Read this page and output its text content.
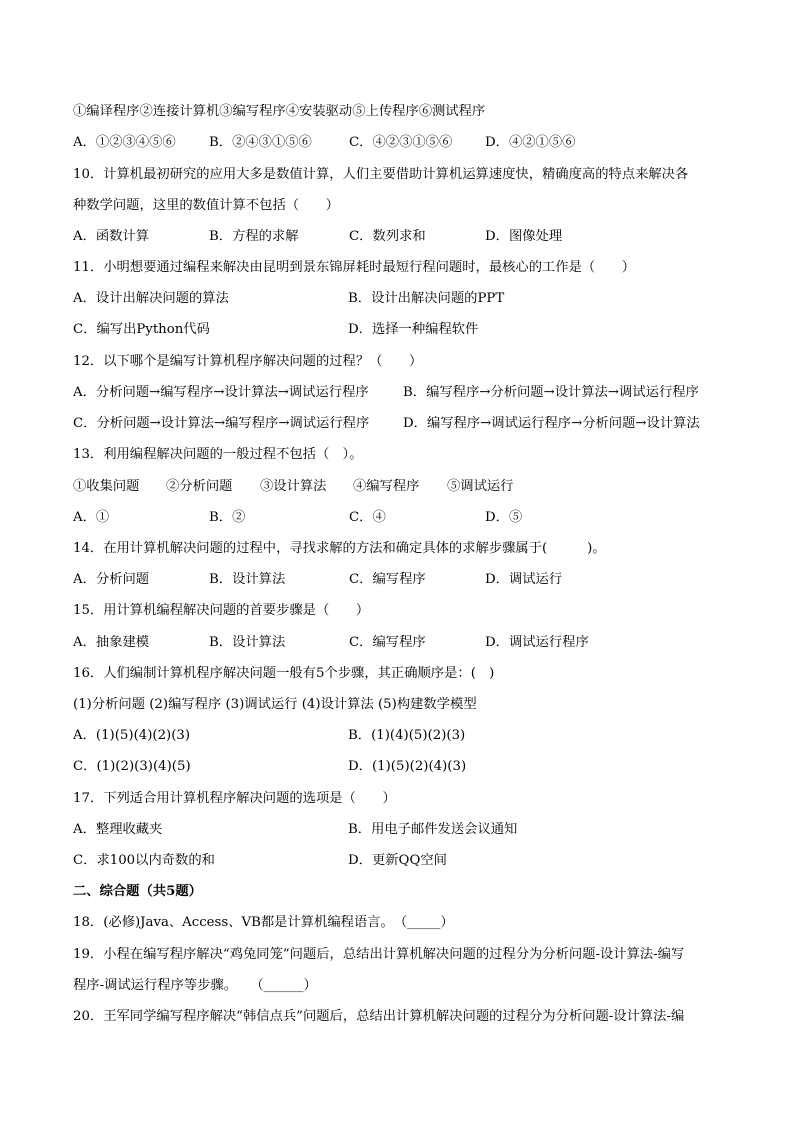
①编译程序②连接计算机③编写程序④安装驱动⑤上传程序⑥测试程序
A．①②③④⑤⑥	B．②④③①⑤⑥	C．④②③①⑤⑥ D．④②①⑤⑥
10．计算机最初研究的应用大多是数值计算，人们主要借助计算机运算速度快，精确度高的特点来解决各
种数学问题，这里的数值计算不包括（　　）
A．函数计算	B．方程的求解	C．数列求和	D．图像处理
11．小明想要通过编程来解决由昆明到景东锦屏耗时最短行程问题时，最核心的工作是（　　）
A．设计出解决问题的算法	B．设计出解决问题的PPT
C．编写出Python代码	D．选择一种编程软件
12．以下哪个是编写计算机程序解决问题的过程？（　　）
A．分析问题→编写程序→设计算法→调试运行程序	B．编写程序→分析问题→设计算法→调试运行程序
C．分析问题→设计算法→编写程序→调试运行程序	D．编写程序→调试运行程序→分析问题→设计算法
13．利用编程解决问题的一般过程不包括（　）。
①收集问题 ②分析问题 ③设计算法 ④编写程序 ⑤调试运行
A．①	B．②	C．④	D．⑤
14．在用计算机解决问题的过程中，寻找求解的方法和确定具体的求解步骤属于(　　　)。
A．分析问题	B．设计算法	C．编写程序	D．调试运行
15．用计算机编程解决问题的首要步骤是（　　）
A．抽象建模	B．设计算法	C．编写程序	D．调试运行程序
16．人们编制计算机程序解决问题一般有5个步骤，其正确顺序是：(　)
(1)分析问题 (2)编写程序 (3)调试运行 (4)设计算法 (5)构建数学模型
A．(1)(5)(4)(2)(3)	B．(1)(4)(5)(2)(3)
C．(1)(2)(3)(4)(5)	D．(1)(5)(2)(4)(3)
17．下列适合用计算机程序解决问题的选项是（　　）
A．整理收藏夹	B．用电子邮件发送会议通知
C．求100以内奇数的和	D．更新QQ空间
二、综合题（共5题）
18．(必修)Java、Access、VB都是计算机编程语言。　（_____）
19．小程在编写程序解决“鸡兔同笼”问题后，总结出计算机解决问题的过程分为分析问题-设计算法-编写
程序-调试运行程序等步骤。　　（______）
20．王军同学编写程序解决“韩信点兵”问题后，总结出计算机解决问题的过程分为分析问题-设计算法-编
